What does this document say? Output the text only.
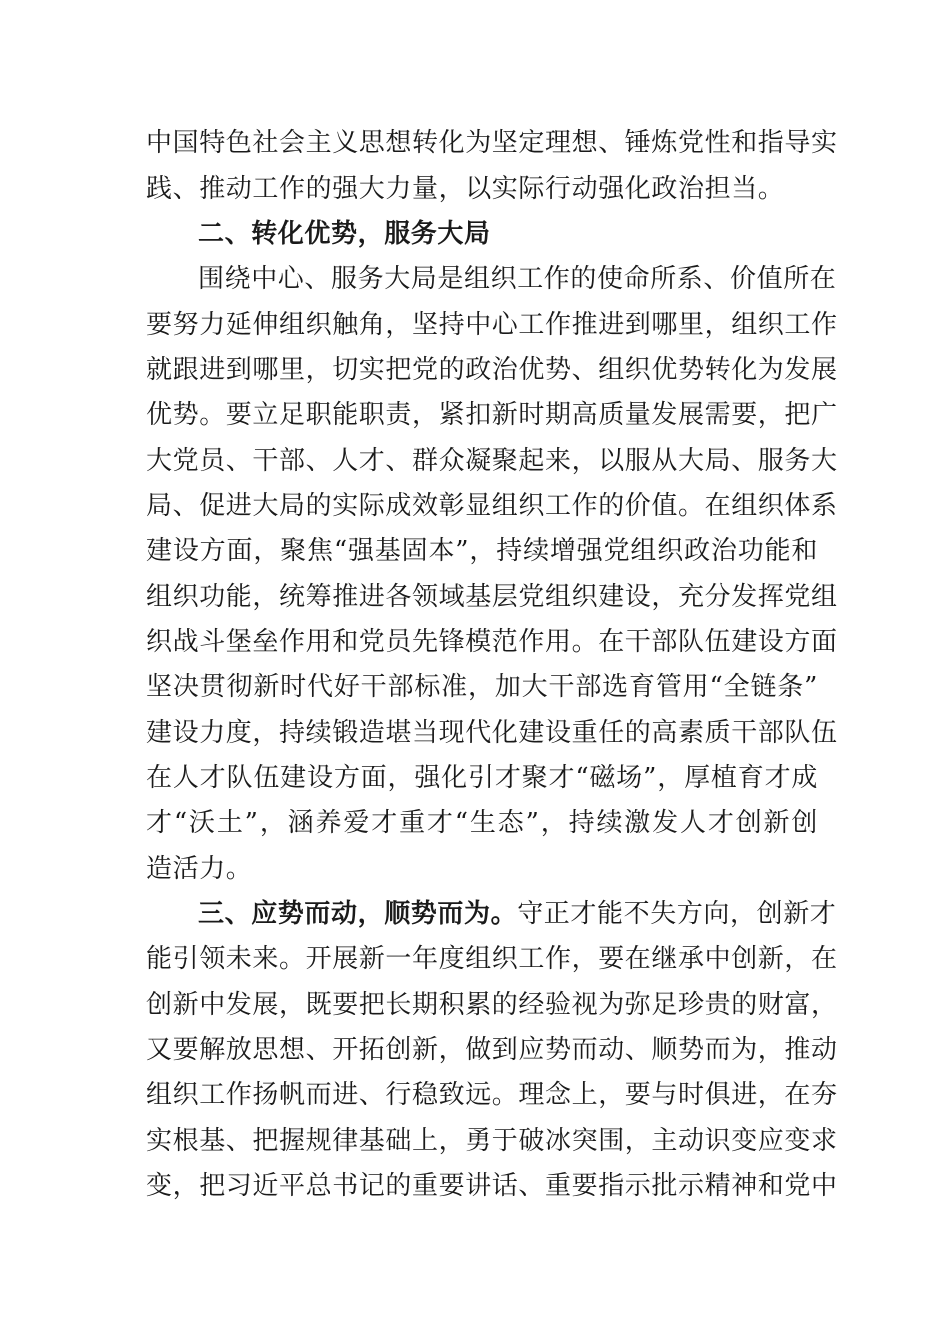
中国特色社会主义思想转化为坚定理想、锤炼党性和指导实
践、推动工作的强大力量，以实际行动强化政治担当。
二、转化优势，服务大局
围绕中心、服务大局是组织工作的使命所系、价值所在
要努力延伸组织触角，坚持中心工作推进到哪里，组织工作
就跟进到哪里，切实把党的政治优势、组织优势转化为发展
优势。要立足职能职责，紧扣新时期高质量发展需要，把广
大党员、干部、人才、群众凝聚起来，以服从大局、服务大
局、促进大局的实际成效彰显组织工作的价值。在组织体系
建设方面，聚焦“强基固本”，持续增强党组织政治功能和
组织功能，统筹推进各领域基层党组织建设，充分发挥党组
织战斗堡垒作用和党员先锋模范作用。在干部队伍建设方面
坚决贯彻新时代好干部标准，加大干部选育管用“全链条”
建设力度，持续锻造堪当现代化建设重任的高素质干部队伍
在人才队伍建设方面，强化引才聚才“磁场”，厚植育才成
才“沃土”，涵养爱才重才“生态”，持续激发人才创新创
造活力。
三、应势而动，顺势而为。守正才能不失方向，创新才
能引领未来。开展新一年度组织工作，要在继承中创新，在
创新中发展，既要把长期积累的经验视为弥足珍贵的财富，
又要解放思想、开拓创新，做到应势而动、顺势而为，推动
组织工作扬帆而进、行稳致远。理念上，要与时俱进，在夯
实根基、把握规律基础上，勇于破冰突围，主动识变应变求
变，把习近平总书记的重要讲话、重要指示批示精神和党中
